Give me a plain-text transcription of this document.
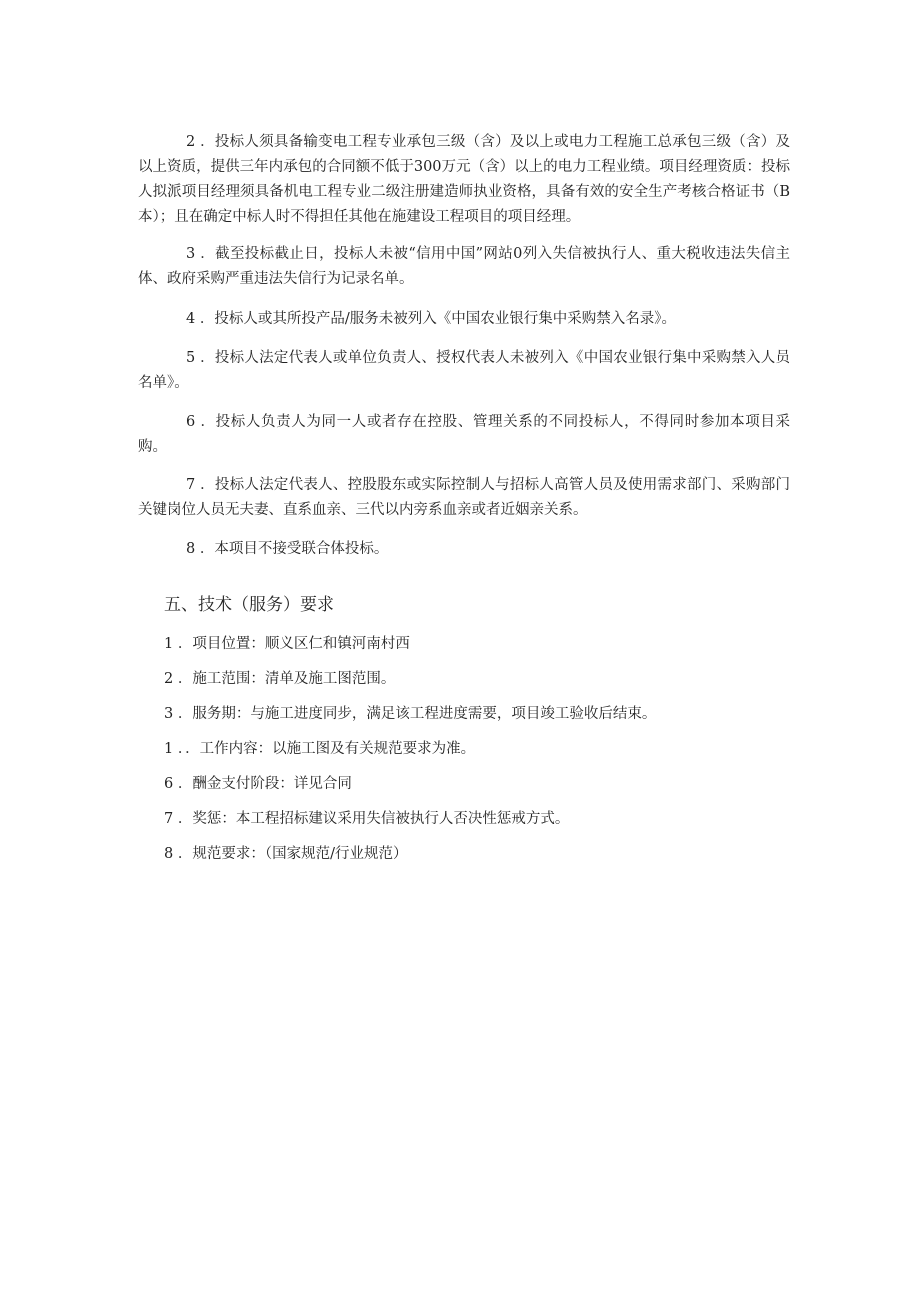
2 ．投标人须具备输变电工程专业承包三级（含）及以上或电力工程施工总承包三级（含）及以上资质，提供三年内承包的合同额不低于300万元（含）以上的电力工程业绩。项目经理资质：投标人拟派项目经理须具备机电工程专业二级注册建造师执业资格，具备有效的安全生产考核合格证书（B本）；且在确定中标人时不得担任其他在施建设工程项目的项目经理。

3 ．截至投标截止日，投标人未被“信用中国”网站0列入失信被执行人、重大税收违法失信主体、政府采购严重违法失信行为记录名单。

4 ．投标人或其所投产品/服务未被列入《中国农业银行集中采购禁入名录》。

5 ．投标人法定代表人或单位负责人、授权代表人未被列入《中国农业银行集中采购禁入人员名单》。

6 ．投标人负责人为同一人或者存在控股、管理关系的不同投标人，不得同时参加本项目采购。

7 ．投标人法定代表人、控股股东或实际控制人与招标人高管人员及使用需求部门、采购部门关键岗位人员无夫妻、直系血亲、三代以内旁系血亲或者近姻亲关系。

8 ．本项目不接受联合体投标。

五、技术（服务）要求

1 ．项目位置：顺义区仁和镇河南村西

2 ．施工范围：清单及施工图范围。

3 ．服务期：与施工进度同步，满足该工程进度需要，项目竣工验收后结束。

1 ．．工作内容：以施工图及有关规范要求为准。

6 ．酬金支付阶段：详见合同

7 ．奖惩：本工程招标建议采用失信被执行人否决性惩戒方式。

8 ．规范要求：（国家规范/行业规范）
